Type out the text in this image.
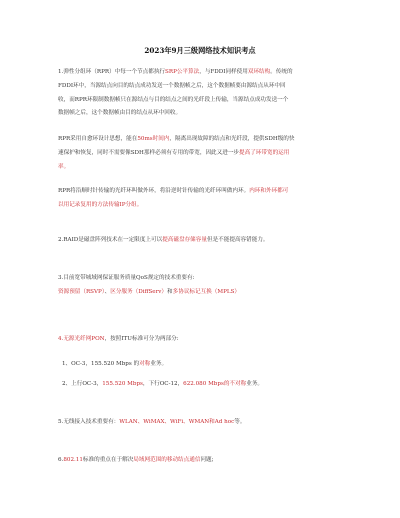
2023年9月三级网络技术知识考点
1.弹性分组环（RPR）中每一个节点都执行SRP公平算法，与FDDI同样使用双环结构。传统的
FDDI环中，当源结点向目的结点成功发送一个数据帧之后，这个数据帧要由源结点从环中回
收，而RPR环限制数据帧只在源结点与目的结点之间的光纤段上传输，当源结点成功发送一个
数据帧之后，这个数据帧由目的结点从环中回收。
RPR采用自愈环设计思想，能在50ms时间内，隔离出现故障的结点和光纤段，提供SDH级的快
速保护和恢复，同时不需要像SDH那样必须有专用的带宽，因此又进一步提高了环带宽的运用
率。
RPR将沿顺时针传输的光纤环叫做外环，将沿逆时针传输的光纤环叫做内环。内环和外环都可
以用记录复用的方法传输IP分组。
2.RAID是磁盘阵列技术在一定限度上可以提高磁盘存储容量但是不能提高容错能力。
3.目前宽带城域网保证服务质量QoS规定的技术重要有:
资源预留（RSVP）、区分服务（DiffServ）和多协议标记互换（MPLS）
4.无源光纤网PON，按照ITU标准可分为两部分:
1、OC-3，155.520 Mbps 的对称业务。
2、上行OC-3，155.520 Mbps，下行OC-12，622.080 Mbps的不对称业务。
5.无线接入技术重要有：WLAN、WiMAX、WiFi、WMAN和Ad hoc等。
6.802.11标准的重点在于解决局域网范围的移动结点通信问题;
